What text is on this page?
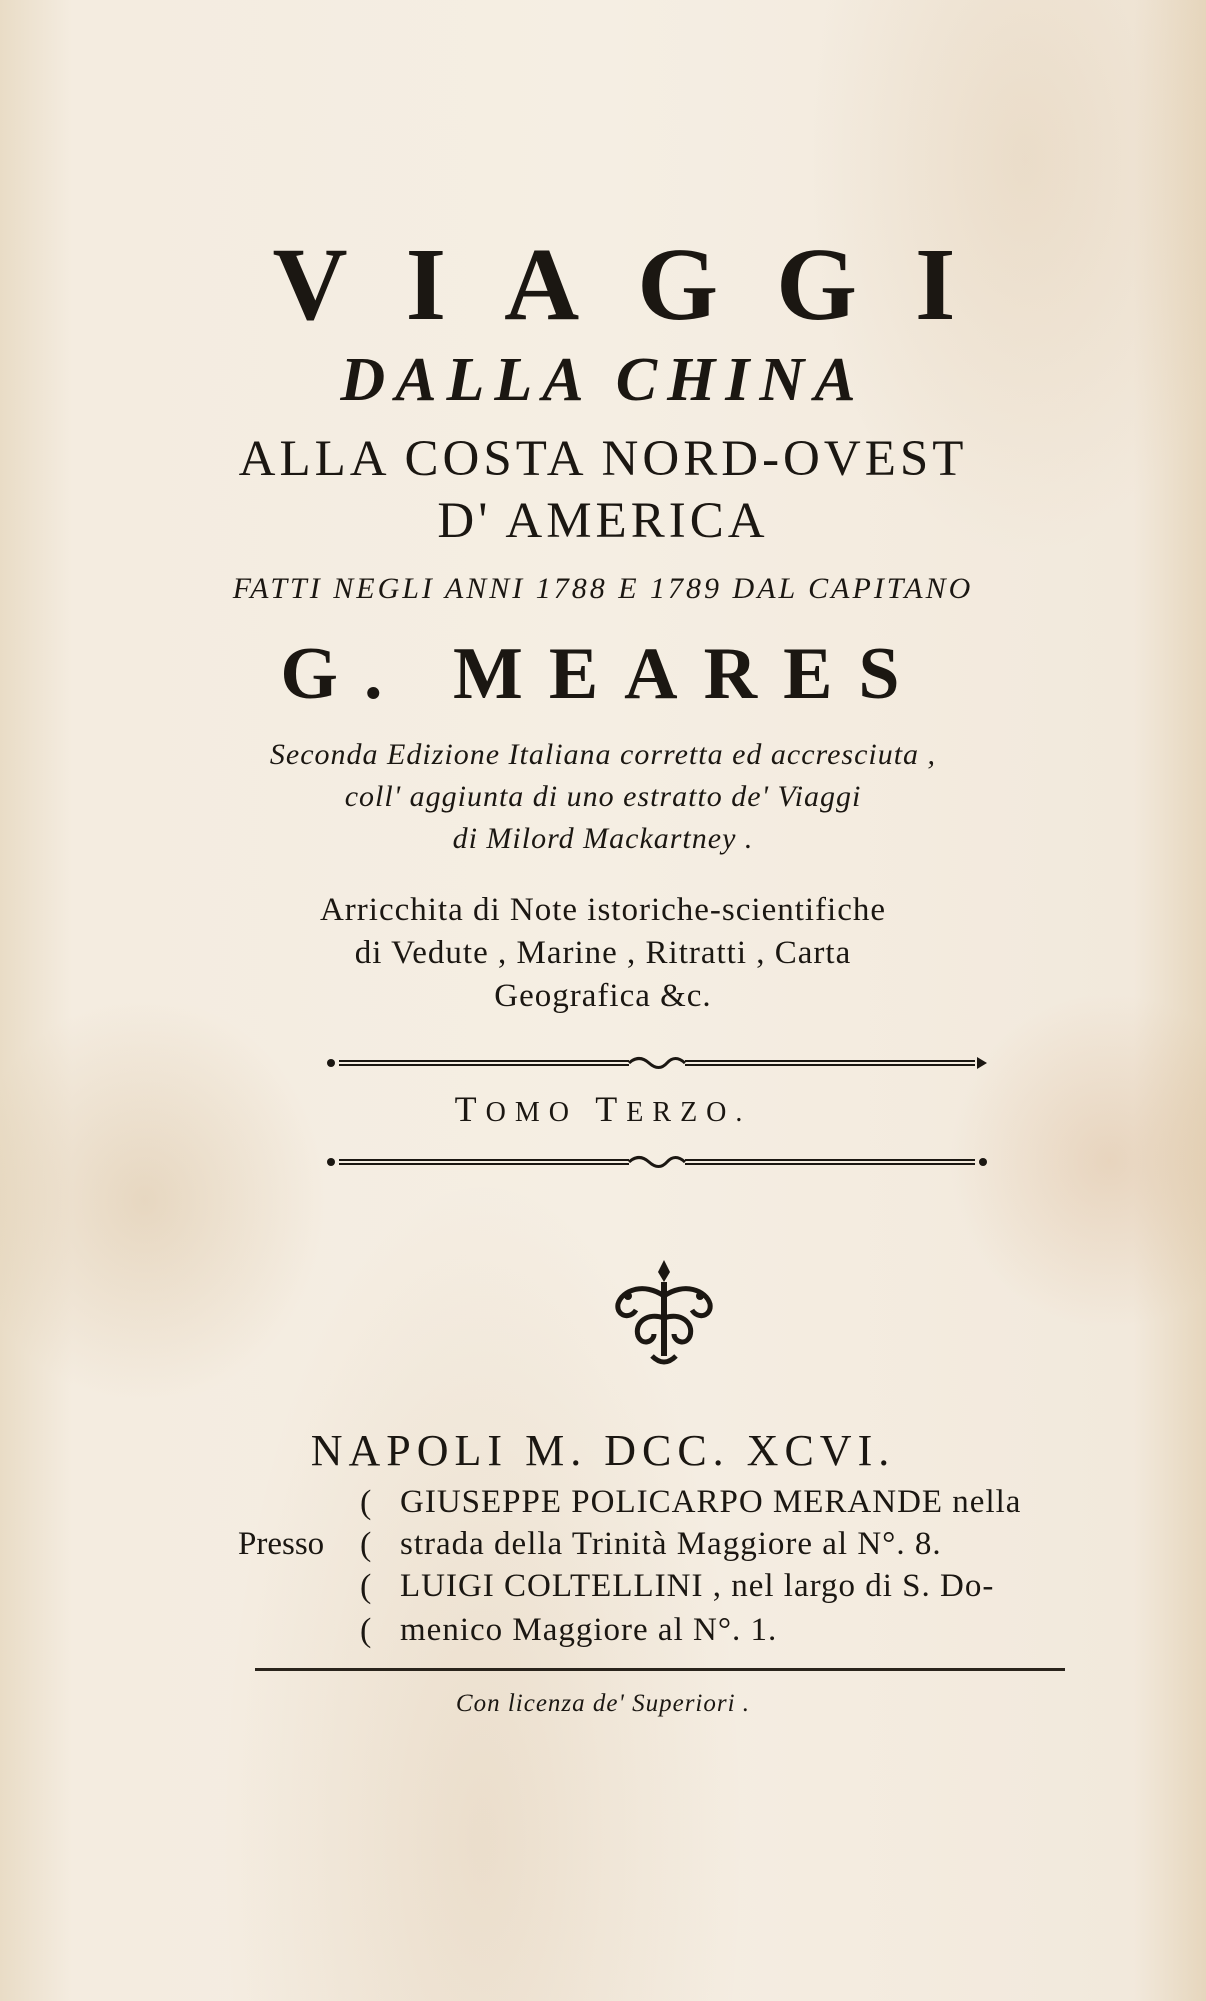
VIAGGI
DALLA CHINA
ALLA COSTA NORD-OVEST
D' AMERICA
FATTI NEGLI ANNI 1788 E 1789 DAL CAPITANO
G. MEARES
Seconda Edizione Italiana corretta ed accresciuta ,
coll' aggiunta di uno estratto de' Viaggi
di Milord Mackartney .
Arricchita di Note istoriche-scientifiche
di Vedute , Marine , Ritratti , Carta
Geografica &c.
TOMO TERZO.
NAPOLI M. DCC. XCVI.
Presso
(
(
(
(
GIUSEPPE POLICARPO MERANDE nella
strada della Trinità Maggiore al N°. 8.
LUIGI COLTELLINI , nel largo di S. Do-
menico Maggiore al N°. 1.
Con licenza de' Superiori .
